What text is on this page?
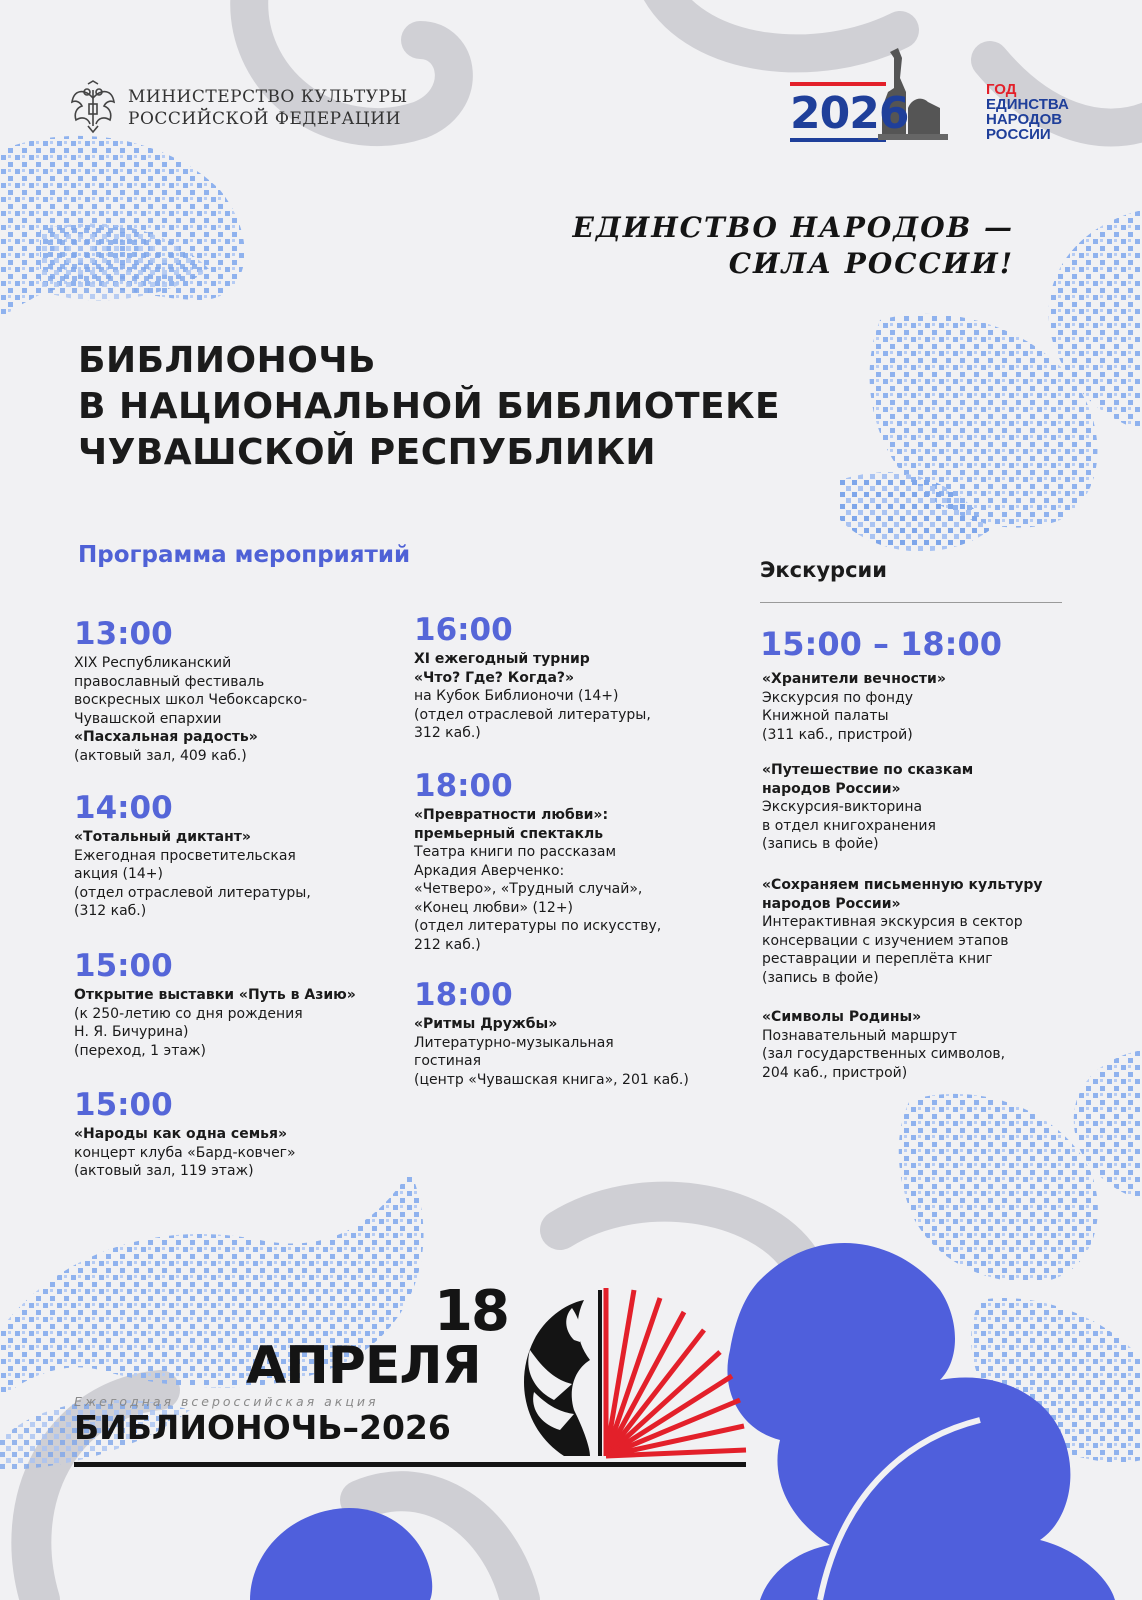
МИНИСТЕРСТВО КУЛЬТУРЫ
РОССИЙСКОЙ ФЕДЕРАЦИИ	2026	ГОД
ЕДИНСТВА
НАРОДОВ
РОССИИ
ЕДИНСТВО НАРОДОВ —
СИЛА РОССИИ!
БИБЛИОНОЧЬ
В НАЦИОНАЛЬНОЙ БИБЛИОТЕКЕ
ЧУВАШСКОЙ РЕСПУБЛИКИ
Программа мероприятий
Экскурсии
13:00
XIX Республиканский
православный фестиваль
воскресных школ Чебоксарско-
Чувашской епархии
«Пасхальная радость»
(актовый зал, 409 каб.)
14:00
«Тотальный диктант»
Ежегодная просветительская
акция (14+)
(отдел отраслевой литературы,
(312 каб.)
15:00
Открытие выставки «Путь в Азию»
(к 250-летию со дня рождения
Н. Я. Бичурина)
(переход, 1 этаж)
15:00
«Народы как одна семья»
концерт клуба «Бард-ковчег»
(актовый зал, 119 этаж)
16:00
XI ежегодный турнир
«Что? Где? Когда?»
на Кубок Библионочи (14+)
(отдел отраслевой литературы,
312 каб.)
18:00
«Превратности любви»:
премьерный спектакль
Театра книги по рассказам
Аркадия Аверченко:
«Четверо», «Трудный случай»,
«Конец любви» (12+)
(отдел литературы по искусству,
212 каб.)
18:00
«Ритмы Дружбы»
Литературно-музыкальная
гостиная
(центр «Чувашская книга», 201 каб.)
15:00 – 18:00
«Хранители вечности»
Экскурсия по фонду
Книжной палаты
(311 каб., пристрой)
«Путешествие по сказкам
народов России»
Экскурсия-викторина
в отдел книгохранения
(запись в фойе)
«Сохраняем письменную культуру
народов России»
Интерактивная экскурсия в сектор
консервации с изучением этапов
реставрации и переплёта книг
(запись в фойе)
«Символы Родины»
Познавательный маршрут
(зал государственных символов,
204 каб., пристрой)
18
АПРЕЛЯ
Ежегодная всероссийская акция
БИБЛИОНОЧЬ–2026
